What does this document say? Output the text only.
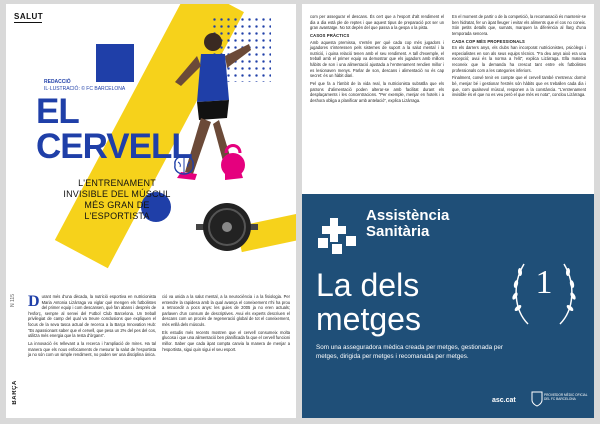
SALUT
REDACCIÓ
IL·LUSTRACIÓ: © FC BARCELONA
EL
CERVELL
L'ENTRENAMENT INVISIBLE DEL MÚSCUL MÉS GRAN DE L'ESPORTISTA
N 115
BARÇA

Durant més d'una dècada, la nutrició esportiva en nutricionista Maria Antonia Lizárraga va viglar què mengen els futbolistes del primer equip i com descansen, què fan abans i després de l'esforç, sempre al servei del Futbol Club Barcelona. Un treball privilegiat de camp del qual va treure conclusions que expliquen el focus de la seva tasca actual de recerca a la Barça Innovation Hub: "Es apassionant saber que el cervell, que pesa un 2% del pes del cos, utilitza més energia que la resta d'òrgans".

La innovació és rellevant a la recerca i l'ampliació de mires. Ha tal manera que els nous enfocaments de mesurar la salut de l'esportista ja no són com un simple rendiment, no poden ser una disciplina única.

ció va unida a la salut mental, a la neurociència i a la fisiologia. Per entendre la rapidesa amb la qual avança el coneixement n'hi ha prou a retrocedir a pocs anys: les guies de 2005 ja no eren actuals; parlaven d'un consum de descriptives. Avui els experts descriuen el descans com un procés de regeneració global de tot el coneixement, més enllà dels músculs.

Els estudis més recents mostren que el cervell consumeix molta glucosa i que una alimentació ben planificada fa que el cervell funcioni millor. Saber que cada àpat compta canvia la manera de menjar a l'esportista, sigui quin sigui el seu esport.

com per assegurar el descans. És cert que a l'esport d'alt rendiment el dia a dia està ple de reptes i que aquest tipus de preparació pot ser un gran avantatge. No tot depèn del que passa a la gespa o la pista.

CASOS PRÀCTICS

Amb aquesta premissa, s'entén per què cada cop més jugadors i jugadores s'interessen pels sistemes de suport a la salut mental i la nutrició, i quina relació tenen amb el seu rendiment. A tall d'exemple, el treball amb el primer equip va demostrar que els jugadors amb millors hàbits de son i una alimentació ajustada a l'entrenament rendien millor i es lesionaven menys. Parlar de son, descans i alimentació no és cap secret: és un hàbit diari.

Pel que fa a l'àmbit de la vida real, la nutricionista subratlla que els patrons d'alimentació poden alterar-se amb facilitat durant els desplaçaments i les concentracions. "Per exemple, menjar en hotels i a deshora obliga a planificar amb antelació", explica Lizárraga.

En el moment de partir o de la competició, la recomanació és mantenir-se ben hidratat, fer un àpat lleuger i evitar els aliments que el cos no coneix. Són petits detalls que, sumats, marquen la diferència al llarg d'una temporada sencera.

CADA COP MÉS PROFESSIONALS

En els darrers anys, els clubs han incorporat nutricionistes, psicòlegs i especialistes en son als seus equips tècnics. "Fa deu anys això era una excepció; avui és la norma a l'elit", explica Lizárraga. Ella mateixa reconeix que la demanda ha crescut tant entre els futbolistes professionals com a les categories inferiors.

Finalment, convé tenir en compte que el cervell també s'entrena: dormir bé, menjar bé i gestionar l'estrès són hàbits que es treballen cada dia i que, com qualsevol múscul, responen a la constància. "L'entrenament invisible és el que no es veu però el que més es nota", conclou Lizárraga.

Assistència
Sanitària
La dels
metges
1
Som una asseguradora mèdica creada per metges, gestionada per metges, dirigida per metges i recomanada per metges.
asc.cat
PROVEÏDOR MÈDIC OFICIAL DEL FC BARCELONA
